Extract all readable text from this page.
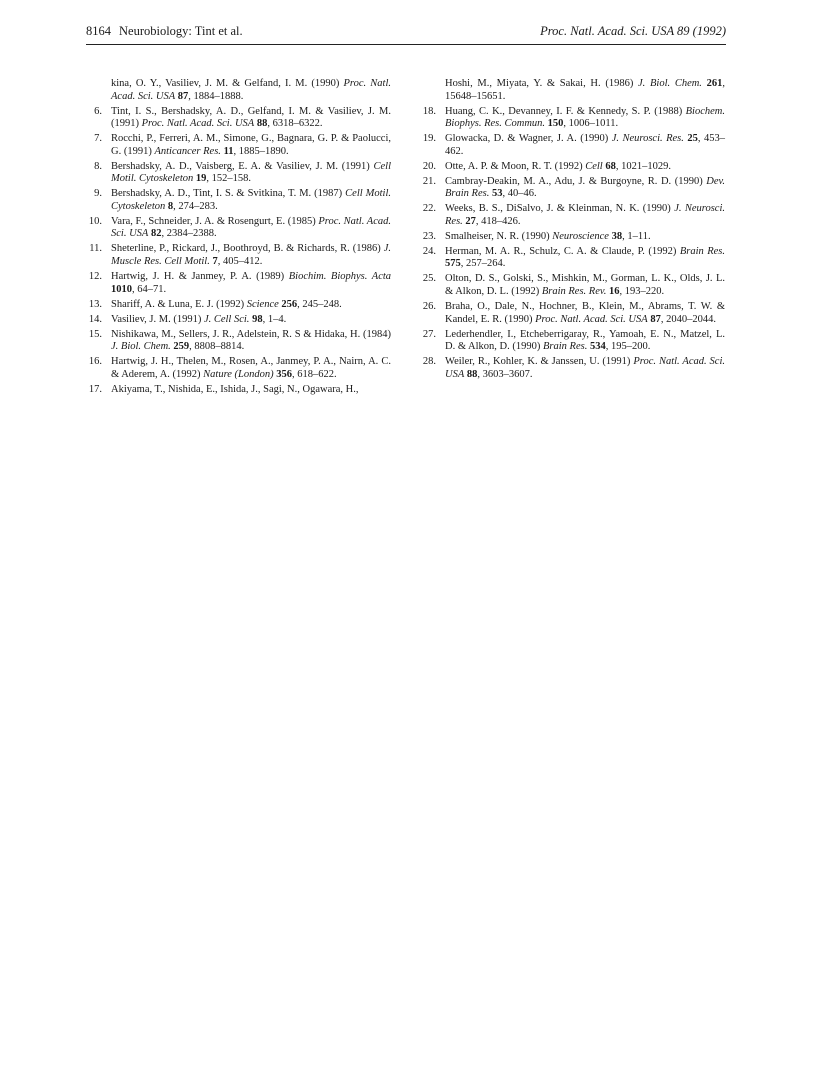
8164 Neurobiology: Tint et al.	Proc. Natl. Acad. Sci. USA 89 (1992)
kina, O. Y., Vasiliev, J. M. & Gelfand, I. M. (1990) Proc. Natl. Acad. Sci. USA 87, 1884–1888.
6. Tint, I. S., Bershadsky, A. D., Gelfand, I. M. & Vasiliev, J. M. (1991) Proc. Natl. Acad. Sci. USA 88, 6318–6322.
7. Rocchi, P., Ferreri, A. M., Simone, G., Bagnara, G. P. & Paolucci, G. (1991) Anticancer Res. 11, 1885–1890.
8. Bershadsky, A. D., Vaisberg, E. A. & Vasiliev, J. M. (1991) Cell Motil. Cytoskeleton 19, 152–158.
9. Bershadsky, A. D., Tint, I. S. & Svitkina, T. M. (1987) Cell Motil. Cytoskeleton 8, 274–283.
10. Vara, F., Schneider, J. A. & Rosengurt, E. (1985) Proc. Natl. Acad. Sci. USA 82, 2384–2388.
11. Sheterline, P., Rickard, J., Boothroyd, B. & Richards, R. (1986) J. Muscle Res. Cell Motil. 7, 405–412.
12. Hartwig, J. H. & Janmey, P. A. (1989) Biochim. Biophys. Acta 1010, 64–71.
13. Shariff, A. & Luna, E. J. (1992) Science 256, 245–248.
14. Vasiliev, J. M. (1991) J. Cell Sci. 98, 1–4.
15. Nishikawa, M., Sellers, J. R., Adelstein, R. S & Hidaka, H. (1984) J. Biol. Chem. 259, 8808–8814.
16. Hartwig, J. H., Thelen, M., Rosen, A., Janmey, P. A., Nairn, A. C. & Aderem, A. (1992) Nature (London) 356, 618–622.
17. Akiyama, T., Nishida, E., Ishida, J., Sagi, N., Ogawara, H.,
Hoshi, M., Miyata, Y. & Sakai, H. (1986) J. Biol. Chem. 261, 15648–15651.
18. Huang, C. K., Devanney, I. F. & Kennedy, S. P. (1988) Biochem. Biophys. Res. Commun. 150, 1006–1011.
19. Glowacka, D. & Wagner, J. A. (1990) J. Neurosci. Res. 25, 453–462.
20. Otte, A. P. & Moon, R. T. (1992) Cell 68, 1021–1029.
21. Cambray-Deakin, M. A., Adu, J. & Burgoyne, R. D. (1990) Dev. Brain Res. 53, 40–46.
22. Weeks, B. S., DiSalvo, J. & Kleinman, N. K. (1990) J. Neurosci. Res. 27, 418–426.
23. Smalheiser, N. R. (1990) Neuroscience 38, 1–11.
24. Herman, M. A. R., Schulz, C. A. & Claude, P. (1992) Brain Res. 575, 257–264.
25. Olton, D. S., Golski, S., Mishkin, M., Gorman, L. K., Olds, J. L. & Alkon, D. L. (1992) Brain Res. Rev. 16, 193–220.
26. Braha, O., Dale, N., Hochner, B., Klein, M., Abrams, T. W. & Kandel, E. R. (1990) Proc. Natl. Acad. Sci. USA 87, 2040–2044.
27. Lederhendler, I., Etcheberrigaray, R., Yamoah, E. N., Matzel, L. D. & Alkon, D. (1990) Brain Res. 534, 195–200.
28. Weiler, R., Kohler, K. & Janssen, U. (1991) Proc. Natl. Acad. Sci. USA 88, 3603–3607.
